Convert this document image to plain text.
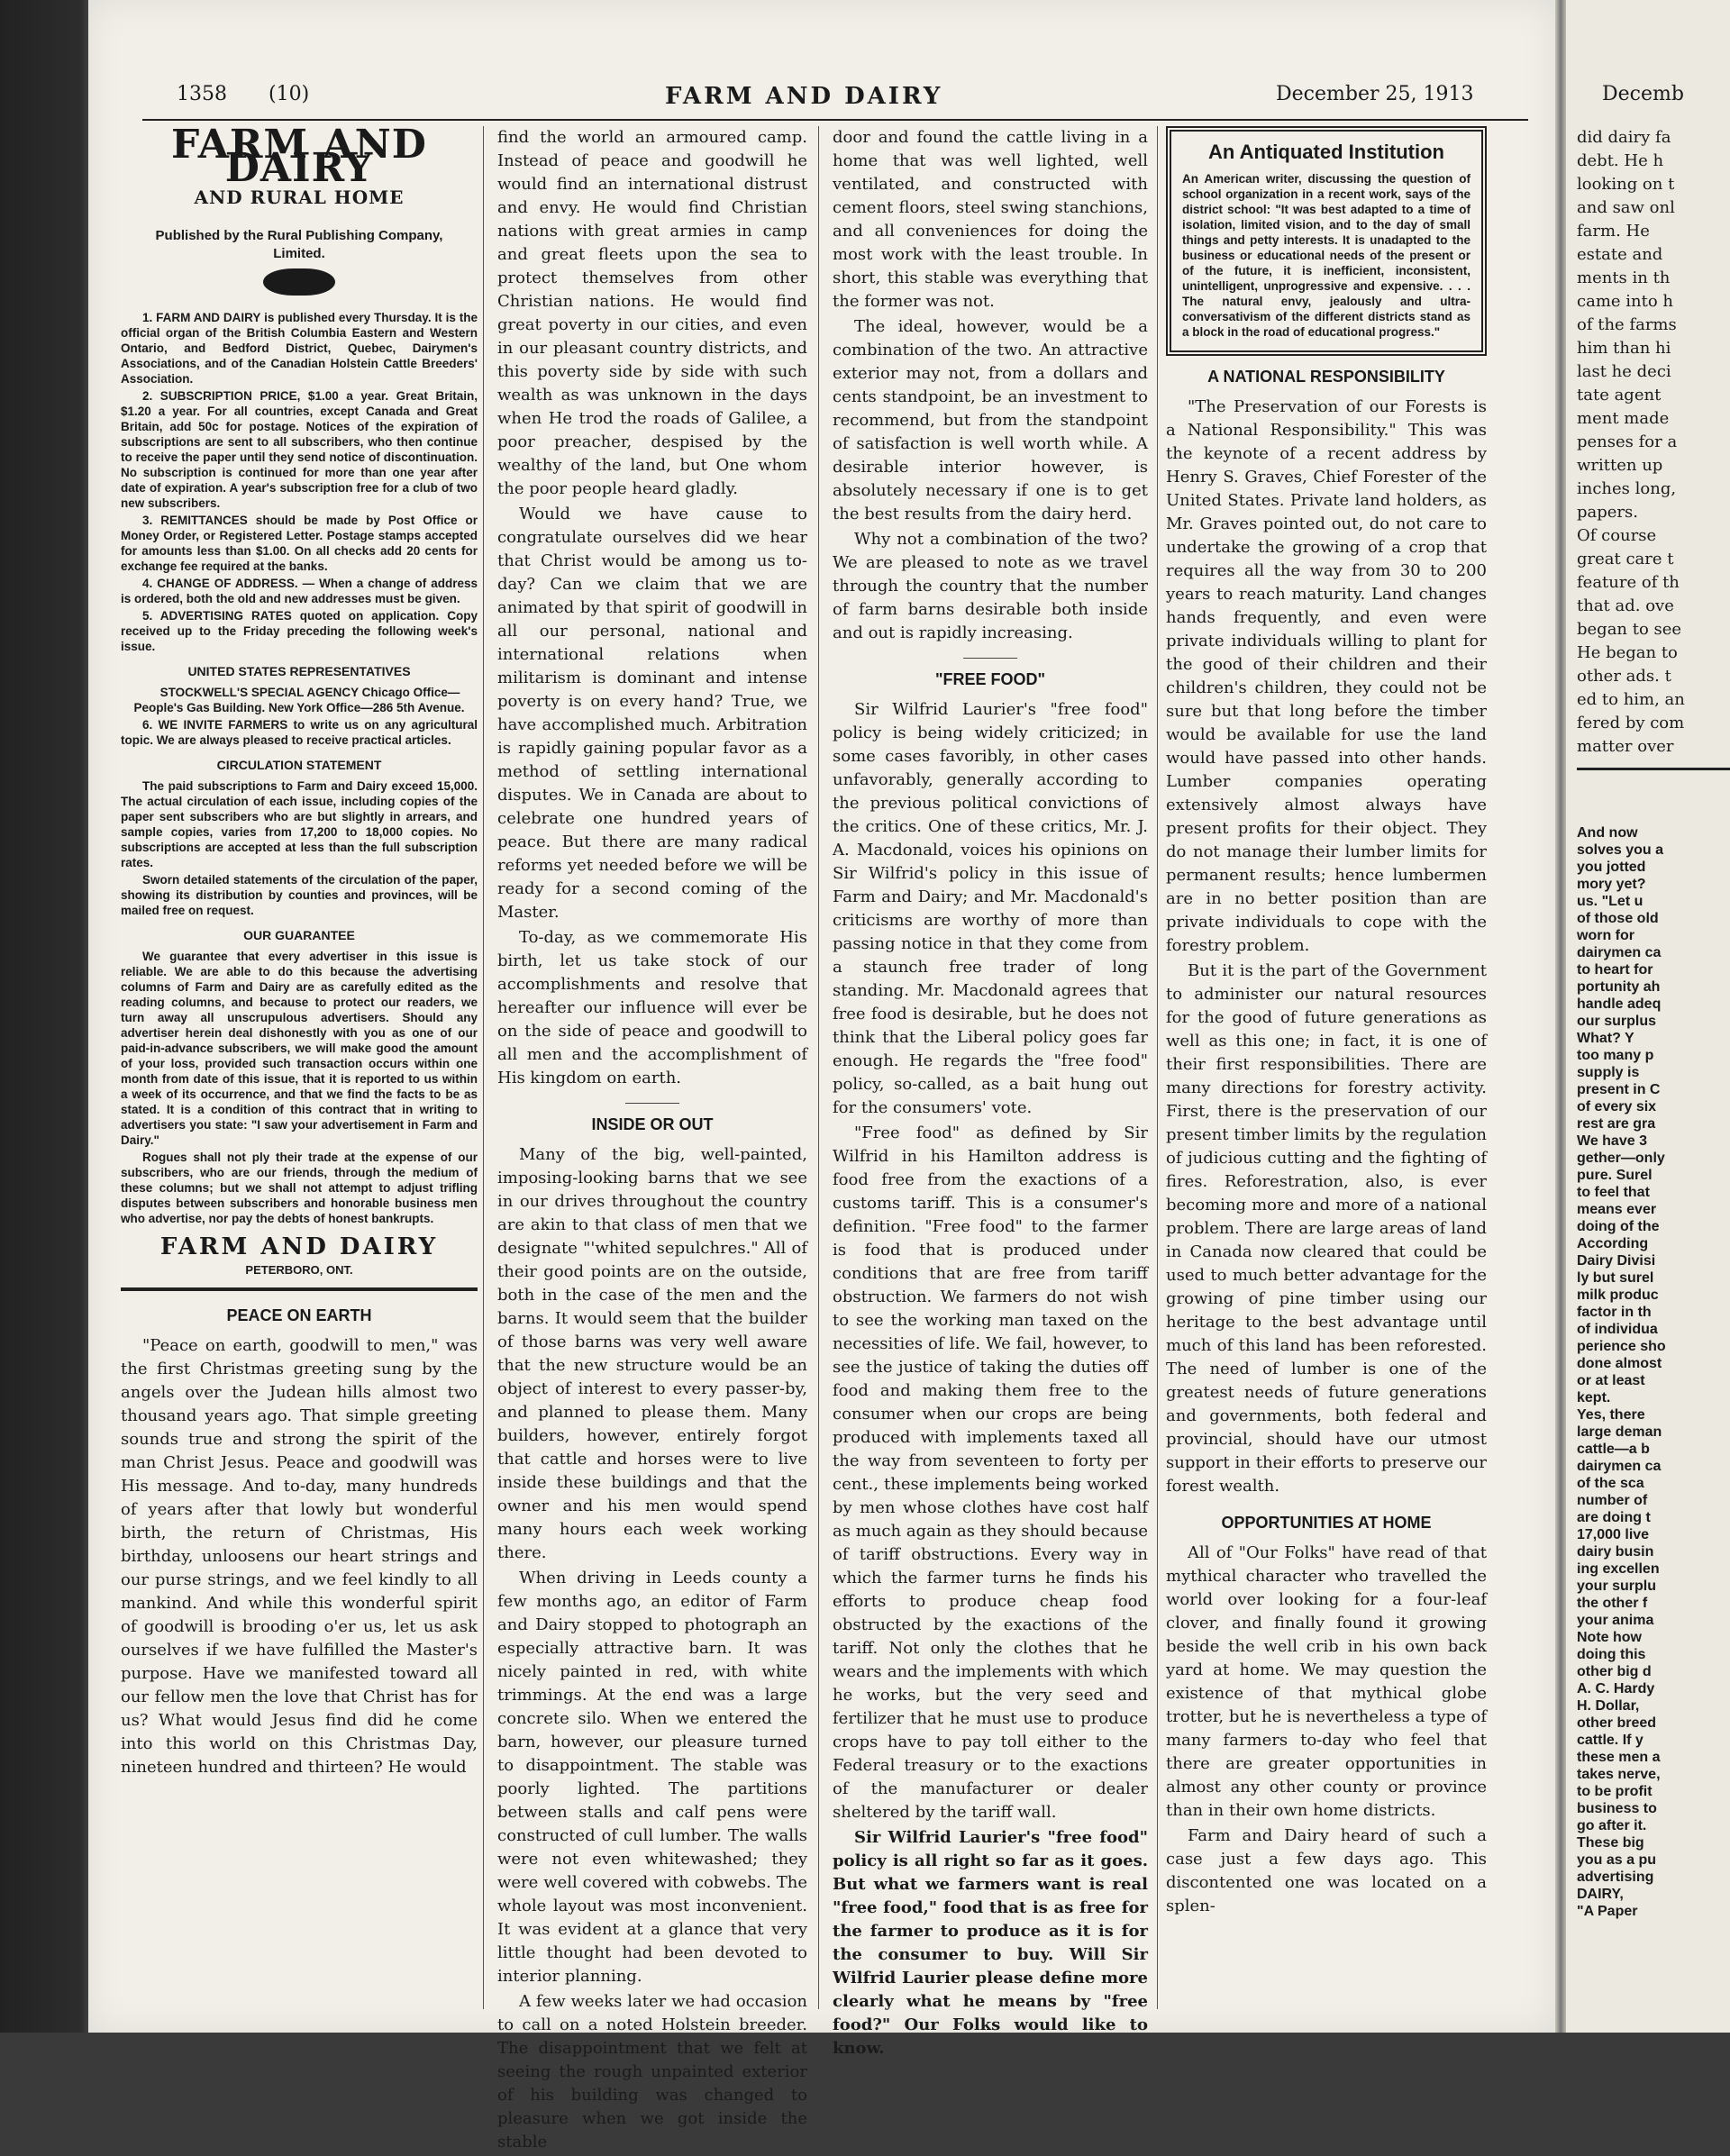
1358 (10)	FARM AND DAIRY	December 25, 1913
FARM AND DAIRY
AND RURAL HOME
Published by the Rural Publishing Company, Limited.

1. FARM AND DAIRY is published every Thursday. It is the official organ of the British Columbia Eastern and Western Ontario, and Bedford District, Quebec, Dairymen's Associations, and of the Canadian Holstein Cattle Breeders' Association.

2. SUBSCRIPTION PRICE, $1.00 a year. Great Britain, $1.20 a year. For all countries, except Canada and Great Britain, add 50c for postage. Notices of the expiration of subscriptions are sent to all subscribers, who then continue to receive the paper until they send notice of discontinuation. No subscription is continued for more than one year after date of expiration. A year's subscription free for a club of two new subscribers.

3. REMITTANCES should be made by Post Office or Money Order, or Registered Letter. Postage stamps accepted for amounts less than $1.00. On all checks add 20 cents for exchange fee required at the banks.

4. CHANGE OF ADDRESS. — When a change of address is ordered, both the old and new addresses must be given.

5. ADVERTISING RATES quoted on application. Copy received up to the Friday preceding the following week's issue.

UNITED STATES REPRESENTATIVES

STOCKWELL'S SPECIAL AGENCY Chicago Office—People's Gas Building. New York Office—286 5th Avenue.

6. WE INVITE FARMERS to write us on any agricultural topic. We are always pleased to receive practical articles.

CIRCULATION STATEMENT

The paid subscriptions to Farm and Dairy exceed 15,000. The actual circulation of each issue, including copies of the paper sent subscribers who are but slightly in arrears, and sample copies, varies from 17,200 to 18,000 copies. No subscriptions are accepted at less than the full subscription rates.

Sworn detailed statements of the circulation of the paper, showing its distribution by counties and provinces, will be mailed free on request.

OUR GUARANTEE

We guarantee that every advertiser in this issue is reliable. We are able to do this because the advertising columns of Farm and Dairy are as carefully edited as the reading columns, and because to protect our readers, we turn away all unscrupulous advertisers. Should any advertiser herein deal dishonestly with you as one of our paid-in-advance subscribers, we will make good the amount of your loss, provided such transaction occurs within one month from date of this issue, that it is reported to us within a week of its occurrence, and that we find the facts to be as stated. It is a condition of this contract that in writing to advertisers you state: "I saw your advertisement in Farm and Dairy."

Rogues shall not ply their trade at the expense of our subscribers, who are our friends, through the medium of these columns; but we shall not attempt to adjust trifling disputes between subscribers and honorable business men who advertise, nor pay the debts of honest bankrupts.

FARM AND DAIRY
PETERBORO, ONT.
PEACE ON EARTH

"Peace on earth, goodwill to men," was the first Christmas greeting sung by the angels over the Judean hills almost two thousand years ago. That simple greeting sounds true and strong the spirit of the man Christ Jesus. Peace and goodwill was His message. And to-day, many hundreds of years after that lowly but wonderful birth, the return of Christmas, His birthday, unloosens our heart strings and our purse strings, and we feel kindly to all mankind. And while this wonderful spirit of goodwill is brooding o'er us, let us ask ourselves if we have fulfilled the Master's purpose. Have we manifested toward all our fellow men the love that Christ has for us? What would Jesus find did he come into this world on this Christmas Day, nineteen hundred and thirteen? He would

find the world an armoured camp. Instead of peace and goodwill he would find an international distrust and envy. He would find Christian nations with great armies in camp and great fleets upon the sea to protect themselves from other Christian nations. He would find great poverty in our cities, and even in our pleasant country districts, and this poverty side by side with such wealth as was unknown in the days when He trod the roads of Galilee, a poor preacher, despised by the wealthy of the land, but One whom the poor people heard gladly.

Would we have cause to congratulate ourselves did we hear that Christ would be among us to-day? Can we claim that we are animated by that spirit of goodwill in all our personal, national and international relations when militarism is dominant and intense poverty is on every hand? True, we have accomplished much. Arbitration is rapidly gaining popular favor as a method of settling international disputes. We in Canada are about to celebrate one hundred years of peace. But there are many radical reforms yet needed before we will be ready for a second coming of the Master.

To-day, as we commemorate His birth, let us take stock of our accomplishments and resolve that hereafter our influence will ever be on the side of peace and goodwill to all men and the accomplishment of His kingdom on earth.

INSIDE OR OUT

Many of the big, well-painted, imposing-looking barns that we see in our drives throughout the country are akin to that class of men that we designate "'whited sepulchres." All of their good points are on the outside, both in the case of the men and the barns. It would seem that the builder of those barns was very well aware that the new structure would be an object of interest to every passer-by, and planned to please them. Many builders, however, entirely forgot that cattle and horses were to live inside these buildings and that the owner and his men would spend many hours each week working there.

When driving in Leeds county a few months ago, an editor of Farm and Dairy stopped to photograph an especially attractive barn. It was nicely painted in red, with white trimmings. At the end was a large concrete silo. When we entered the barn, however, our pleasure turned to disappointment. The stable was poorly lighted. The partitions between stalls and calf pens were constructed of cull lumber. The walls were not even whitewashed; they were well covered with cobwebs. The whole layout was most inconvenient. It was evident at a glance that very little thought had been devoted to interior planning.

A few weeks later we had occasion to call on a noted Holstein breeder. The disappointment that we felt at seeing the rough unpainted exterior of his building was changed to pleasure when we got inside the stable

door and found the cattle living in a home that was well lighted, well ventilated, and constructed with cement floors, steel swing stanchions, and all conveniences for doing the most work with the least trouble. In short, this stable was everything that the former was not.

The ideal, however, would be a combination of the two. An attractive exterior may not, from a dollars and cents standpoint, be an investment to recommend, but from the standpoint of satisfaction is well worth while. A desirable interior however, is absolutely necessary if one is to get the best results from the dairy herd.

Why not a combination of the two? We are pleased to note as we travel through the country that the number of farm barns desirable both inside and out is rapidly increasing.

"FREE FOOD"

Sir Wilfrid Laurier's "free food" policy is being widely criticized; in some cases favoribly, in other cases unfavorably, generally according to the previous political convictions of the critics. One of these critics, Mr. J. A. Macdonald, voices his opinions on Sir Wilfrid's policy in this issue of Farm and Dairy; and Mr. Macdonald's criticisms are worthy of more than passing notice in that they come from a staunch free trader of long standing. Mr. Macdonald agrees that free food is desirable, but he does not think that the Liberal policy goes far enough. He regards the "free food" policy, so-called, as a bait hung out for the consumers' vote.

"Free food" as defined by Sir Wilfrid in his Hamilton address is food free from the exactions of a customs tariff. This is a consumer's definition. "Free food" to the farmer is food that is produced under conditions that are free from tariff obstruction. We farmers do not wish to see the working man taxed on the necessities of life. We fail, however, to see the justice of taking the duties off food and making them free to the consumer when our crops are being produced with implements taxed all the way from seventeen to forty per cent., these implements being worked by men whose clothes have cost half as much again as they should because of tariff obstructions. Every way in which the farmer turns he finds his efforts to produce cheap food obstructed by the exactions of the tariff. Not only the clothes that he wears and the implements with which he works, but the very seed and fertilizer that he must use to produce crops have to pay toll either to the Federal treasury or to the exactions of the manufacturer or dealer sheltered by the tariff wall.

Sir Wilfrid Laurier's "free food" policy is all right so far as it goes. But what we farmers want is real "free food," food that is as free for the farmer to produce as it is for the consumer to buy. Will Sir Wilfrid Laurier please define more clearly what he means by "free food?" Our Folks would like to know.

An Antiquated Institution
An American writer, discussing the question of school organization in a recent work, says of the district school: "It was best adapted to a time of isolation, limited vision, and to the day of small things and petty interests. It is unadapted to the business or educational needs of the present or of the future, it is inefficient, inconsistent, unintelligent, unprogressive and expensive. . . . The natural envy, jealously and ultra-conversativism of the different districts stand as a block in the road of educational progress."
A NATIONAL RESPONSIBILITY

"The Preservation of our Forests is a National Responsibility." This was the keynote of a recent address by Henry S. Graves, Chief Forester of the United States. Private land holders, as Mr. Graves pointed out, do not care to undertake the growing of a crop that requires all the way from 30 to 200 years to reach maturity. Land changes hands frequently, and even were private individuals willing to plant for the good of their children and their children's children, they could not be sure but that long before the timber would be available for use the land would have passed into other hands. Lumber companies operating extensively almost always have present profits for their object. They do not manage their lumber limits for permanent results; hence lumbermen are in no better position than are private individuals to cope with the forestry problem.

But it is the part of the Government to administer our natural resources for the good of future generations as well as this one; in fact, it is one of their first responsibilities. There are many directions for forestry activity. First, there is the preservation of our present timber limits by the regulation of judicious cutting and the fighting of fires. Reforestration, also, is ever becoming more and more of a national problem. There are large areas of land in Canada now cleared that could be used to much better advantage for the growing of pine timber using our heritage to the best advantage until much of this land has been reforested. The need of lumber is one of the greatest needs of future generations and governments, both federal and provincial, should have our utmost support in their efforts to preserve our forest wealth.

OPPORTUNITIES AT HOME

All of "Our Folks" have read of that mythical character who travelled the world over looking for a four-leaf clover, and finally found it growing beside the well crib in his own back yard at home. We may question the existence of that mythical globe trotter, but he is nevertheless a type of many farmers to-day who feel that there are greater opportunities in almost any other county or province than in their own home districts.

Farm and Dairy heard of such a case just a few days ago. This discontented one was located on a splen-

Decemb
did dairy fa
debt. He h
looking on t
and saw onl
farm. He
estate and
ments in th
came into h
of the farms
him than hi
last he deci
tate agent
ment made
penses for a
written up
inches long,
papers.
Of course
great care t
feature of th
that ad. ove
began to see
He began to
other ads. t
ed to him, an
fered by com
matter over
And now
solves you a
you jotted
mory yet?
us. "Let u
of those old
worn for
dairymen ca
to heart for
portunity ah
handle adeq
our surplus
What? Y
too many p
supply is
present in C
of every six
rest are gra
We have 3
gether—only
pure. Surel
to feel that
means ever
doing of the
According
Dairy Divisi
ly but surel
milk produc
factor in th
of individua
perience sho
done almost
or at least
kept.
Yes, there
large deman
cattle—a b
dairymen ca
of the sca
number of
are doing t
17,000 live
dairy busin
ing excellen
your surplu
the other f
your anima
Note how
doing this
other big d
A. C. Hardy
H. Dollar,
other breed
cattle. If y
these men a
takes nerve,
to be profit
business to
go after it.
These big
you as a pu
advertising
DAIRY,
"A Paper
